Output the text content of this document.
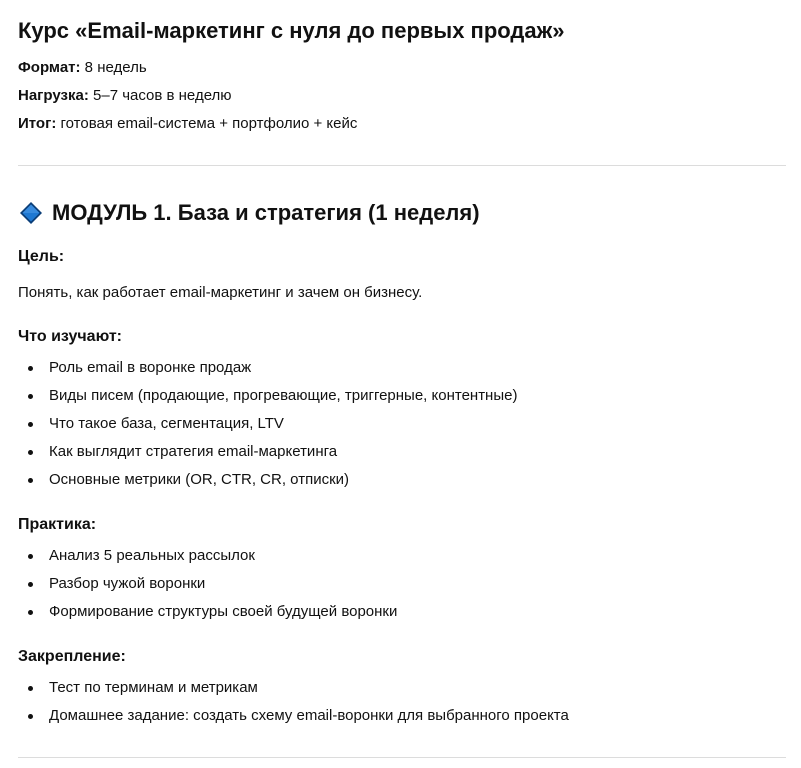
Курс «Email-маркетинг с нуля до первых продаж»
Формат: 8 недель
Нагрузка: 5–7 часов в неделю
Итог: готовая email-система + портфолио + кейс
МОДУЛЬ 1. База и стратегия (1 неделя)
Цель:
Понять, как работает email-маркетинг и зачем он бизнесу.
Что изучают:
Роль email в воронке продаж
Виды писем (продающие, прогревающие, триггерные, контентные)
Что такое база, сегментация, LTV
Как выглядит стратегия email-маркетинга
Основные метрики (OR, CTR, CR, отписки)
Практика:
Анализ 5 реальных рассылок
Разбор чужой воронки
Формирование структуры своей будущей воронки
Закрепление:
Тест по терминам и метрикам
Домашнее задание: создать схему email-воронки для выбранного проекта
